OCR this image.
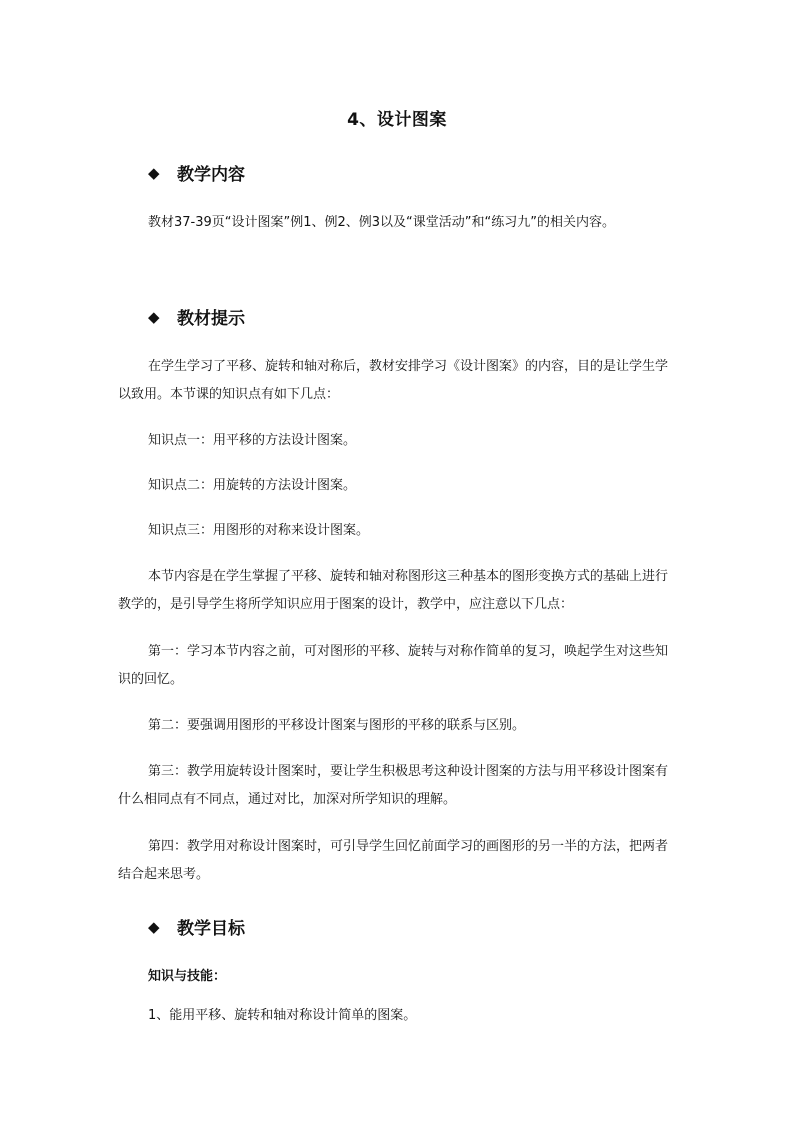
4、设计图案
◆ 教学内容

教材37-39页“设计图案”例1、例2、例3以及“课堂活动”和“练习九”的相关内容。

◆ 教材提示

在学生学习了平移、旋转和轴对称后，教材安排学习《设计图案》的内容，目的是让学生学以致用。本节课的知识点有如下几点：

知识点一：用平移的方法设计图案。

知识点二：用旋转的方法设计图案。

知识点三：用图形的对称来设计图案。

本节内容是在学生掌握了平移、旋转和轴对称图形这三种基本的图形变换方式的基础上进行教学的，是引导学生将所学知识应用于图案的设计，教学中，应注意以下几点：

第一：学习本节内容之前，可对图形的平移、旋转与对称作简单的复习，唤起学生对这些知识的回忆。

第二：要强调用图形的平移设计图案与图形的平移的联系与区别。

第三：教学用旋转设计图案时，要让学生积极思考这种设计图案的方法与用平移设计图案有什么相同点有不同点，通过对比，加深对所学知识的理解。

第四：教学用对称设计图案时，可引导学生回忆前面学习的画图形的另一半的方法，把两者结合起来思考。

◆ 教学目标
知识与技能：

1、能用平移、旋转和轴对称设计简单的图案。
